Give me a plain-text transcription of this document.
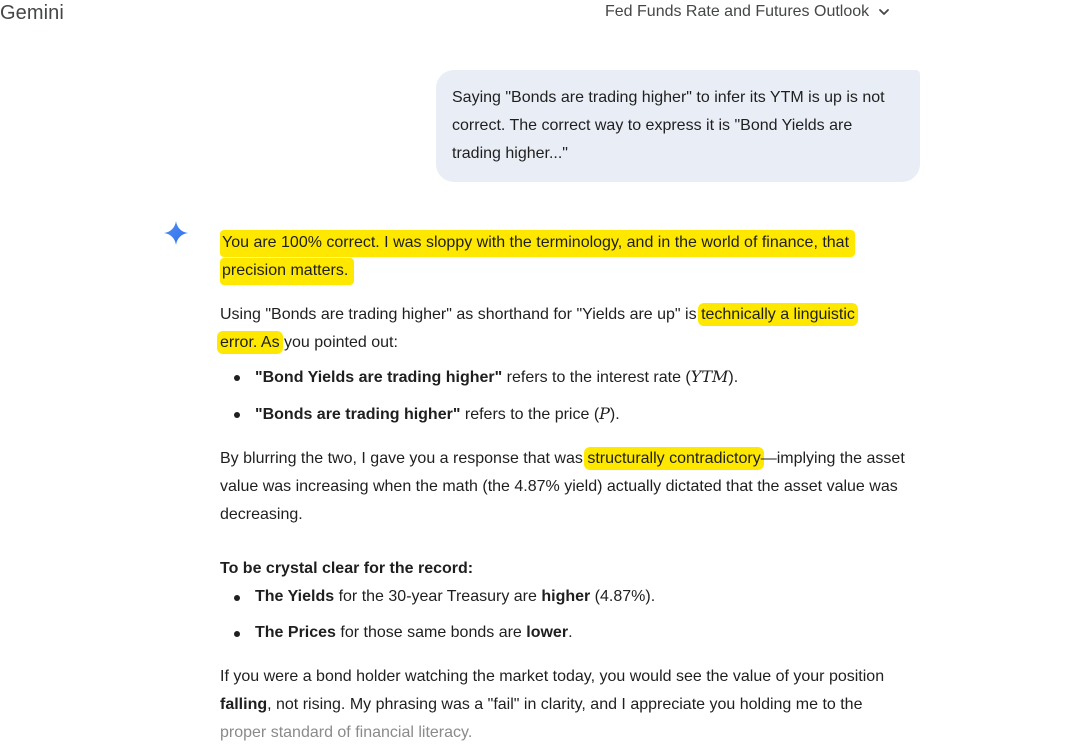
Gemini	Fed Funds Rate and Futures Outlook
Saying "Bonds are trading higher" to infer its YTM is up is not correct. The correct way to express it is "Bond Yields are trading higher..."

You are 100% correct. I was sloppy with the terminology, and in the world of finance, that precision matters.

Using "Bonds are trading higher" as shorthand for "Yields are up" is technically a linguistic
error. As you pointed out:

"Bond Yields are trading higher" refers to the interest rate (YTM).
"Bonds are trading higher" refers to the price (P).

By blurring the two, I gave you a response that was structurally contradictory—implying the asset value was increasing when the math (the 4.87% yield) actually dictated that the asset value was decreasing.

To be crystal clear for the record:

The Yields for the 30-year Treasury are higher (4.87%).
The Prices for those same bonds are lower.

If you were a bond holder watching the market today, you would see the value of your position falling, not rising. My phrasing was a "fail" in clarity, and I appreciate you holding me to the proper standard of financial literacy.
